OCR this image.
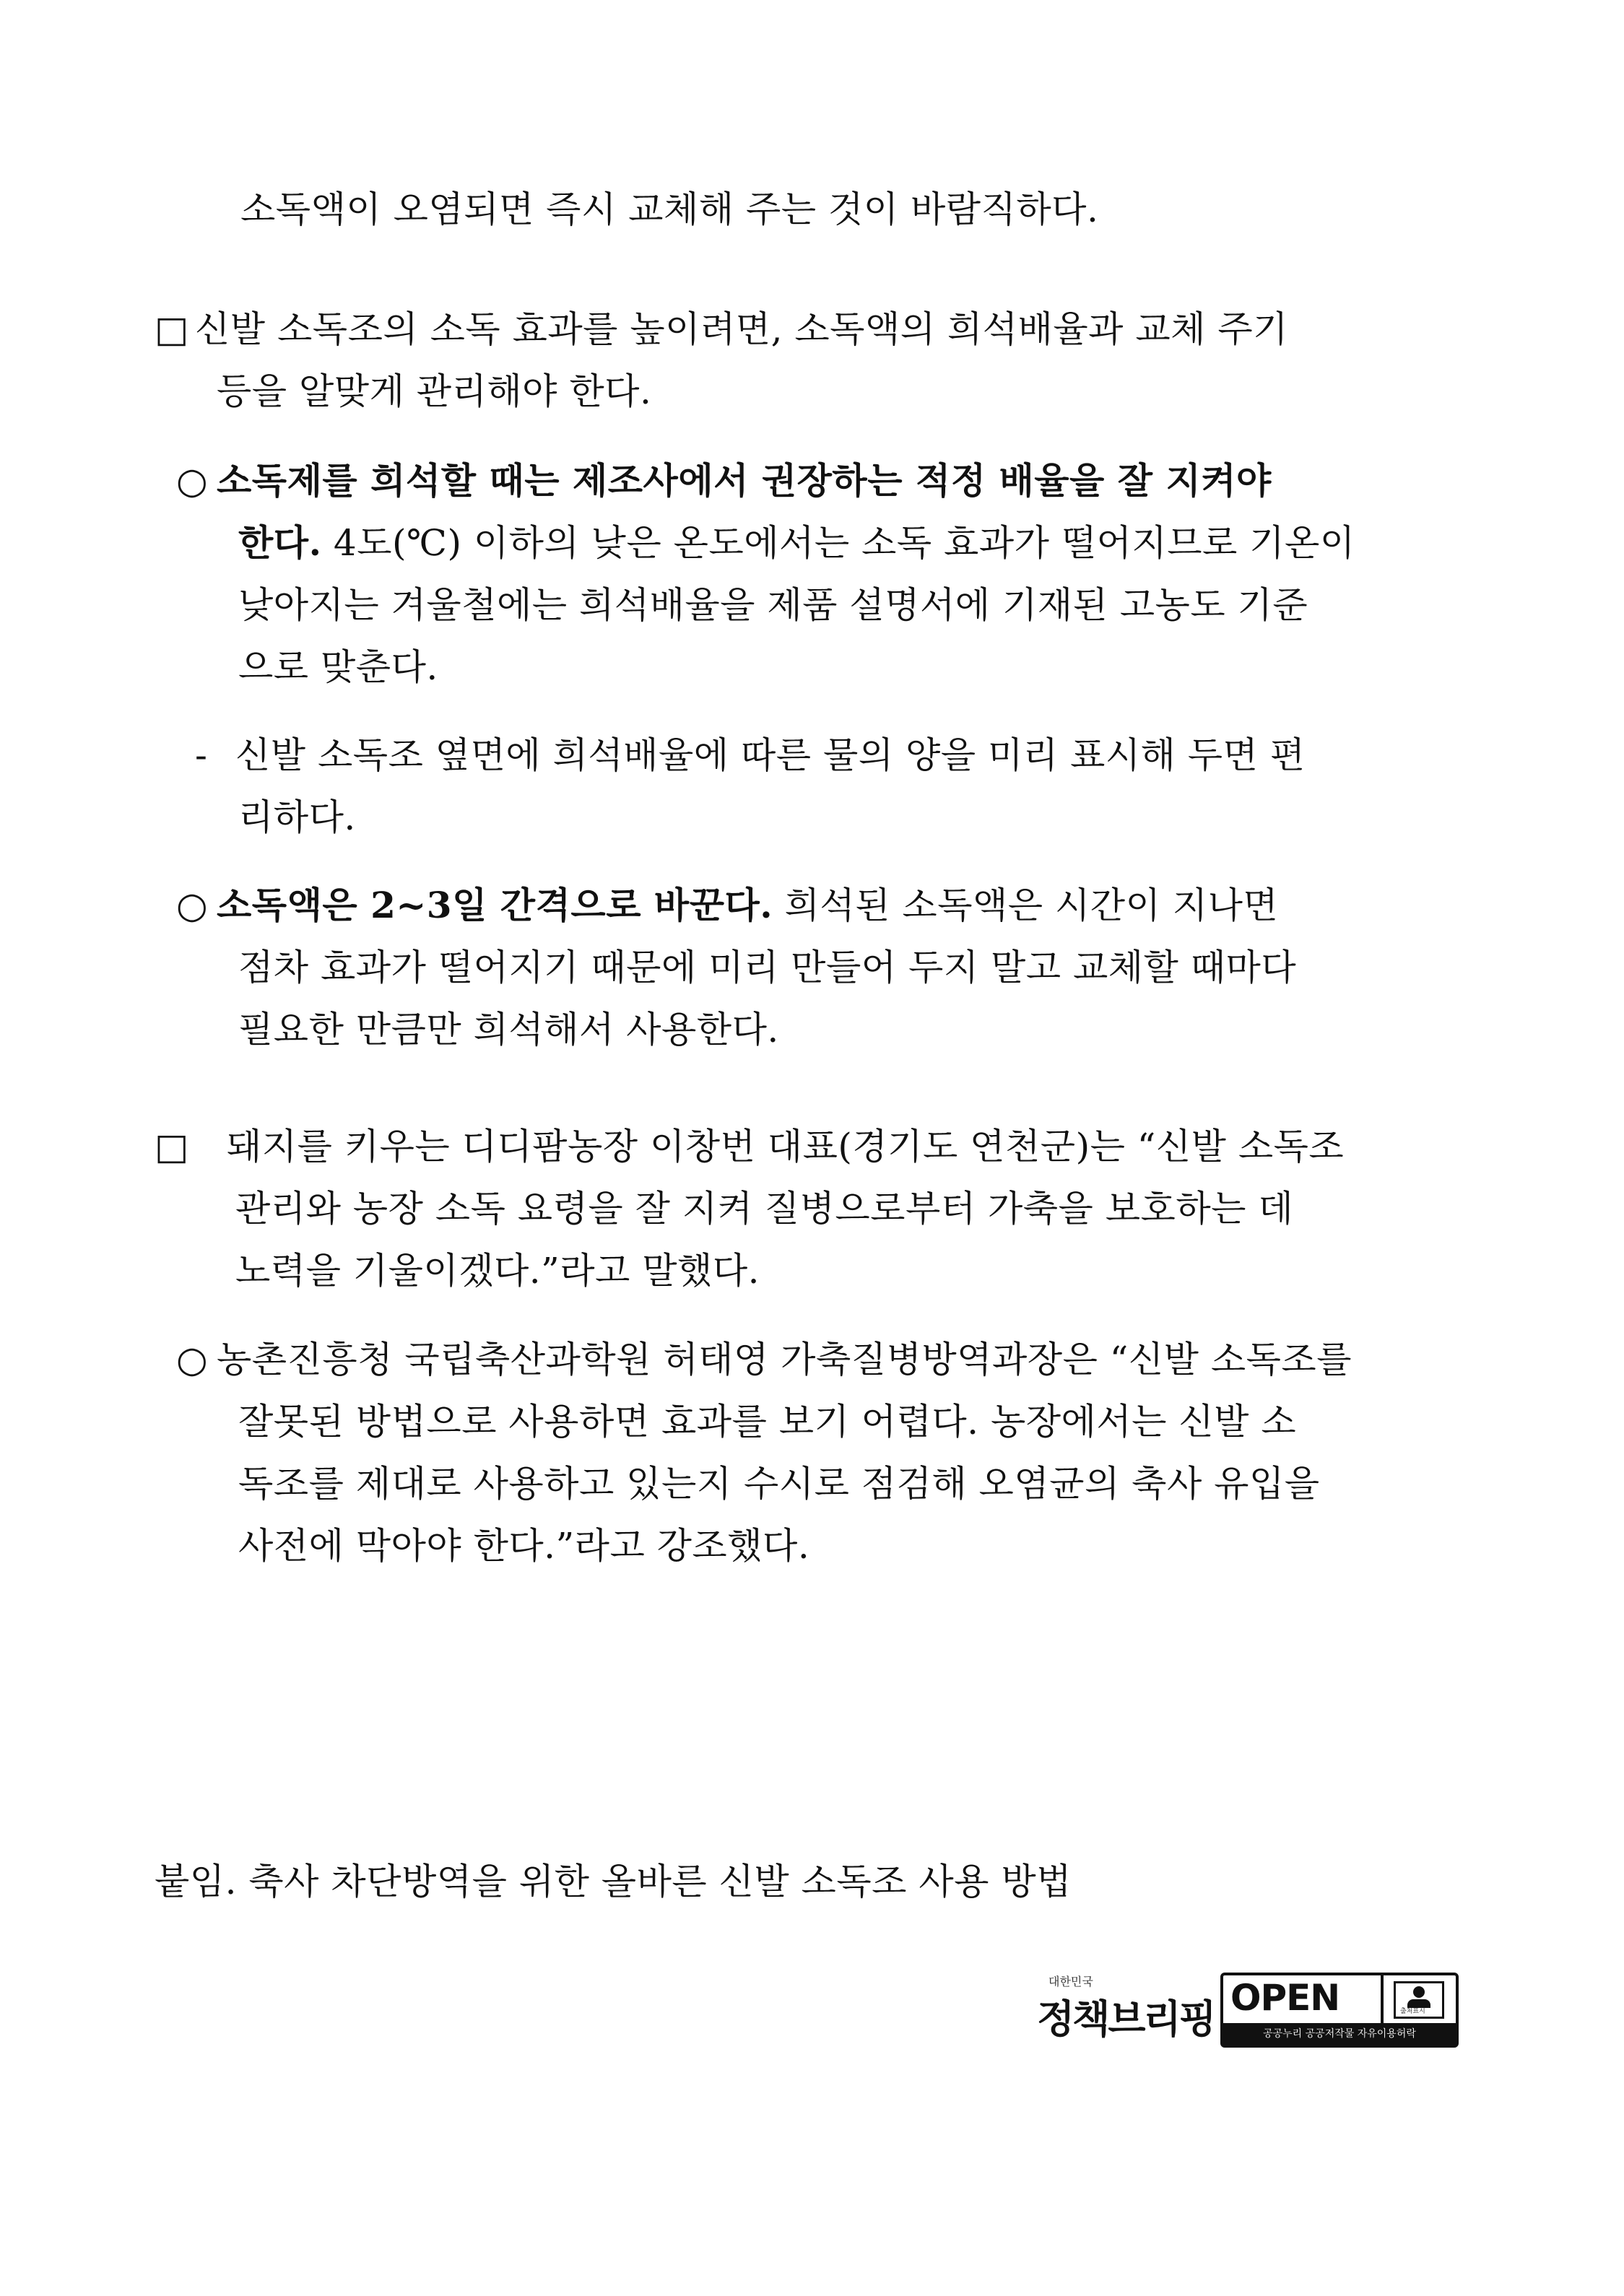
소독액이 오염되면 즉시 교체해 주는 것이 바람직하다.
□ 신발 소독조의 소독 효과를 높이려면, 소독액의 희석배율과 교체 주기
등을 알맞게 관리해야 한다.
○ 소독제를 희석할 때는 제조사에서 권장하는 적정 배율을 잘 지켜야
한다. 4도(℃) 이하의 낮은 온도에서는 소독 효과가 떨어지므로 기온이
낮아지는 겨울철에는 희석배율을 제품 설명서에 기재된 고농도 기준
으로 맞춘다.
- 신발 소독조 옆면에 희석배율에 따른 물의 양을 미리 표시해 두면 편
리하다.
○ 소독액은 2~3일 간격으로 바꾼다. 희석된 소독액은 시간이 지나면
점차 효과가 떨어지기 때문에 미리 만들어 두지 말고 교체할 때마다
필요한 만큼만 희석해서 사용한다.
□ 돼지를 키우는 디디팜농장 이창번 대표(경기도 연천군)는 “신발 소독조
관리와 농장 소독 요령을 잘 지켜 질병으로부터 가축을 보호하는 데
노력을 기울이겠다.”라고 말했다.
○ 농촌진흥청 국립축산과학원 허태영 가축질병방역과장은 “신발 소독조를
잘못된 방법으로 사용하면 효과를 보기 어렵다. 농장에서는 신발 소
독조를 제대로 사용하고 있는지 수시로 점검해 오염균의 축사 유입을
사전에 막아야 한다.”라고 강조했다.
붙임. 축사 차단방역을 위한 올바른 신발 소독조 사용 방법
대한민국
정책브리핑 OPEN	출처표시
공공누리 공공저작물 자유이용허락
